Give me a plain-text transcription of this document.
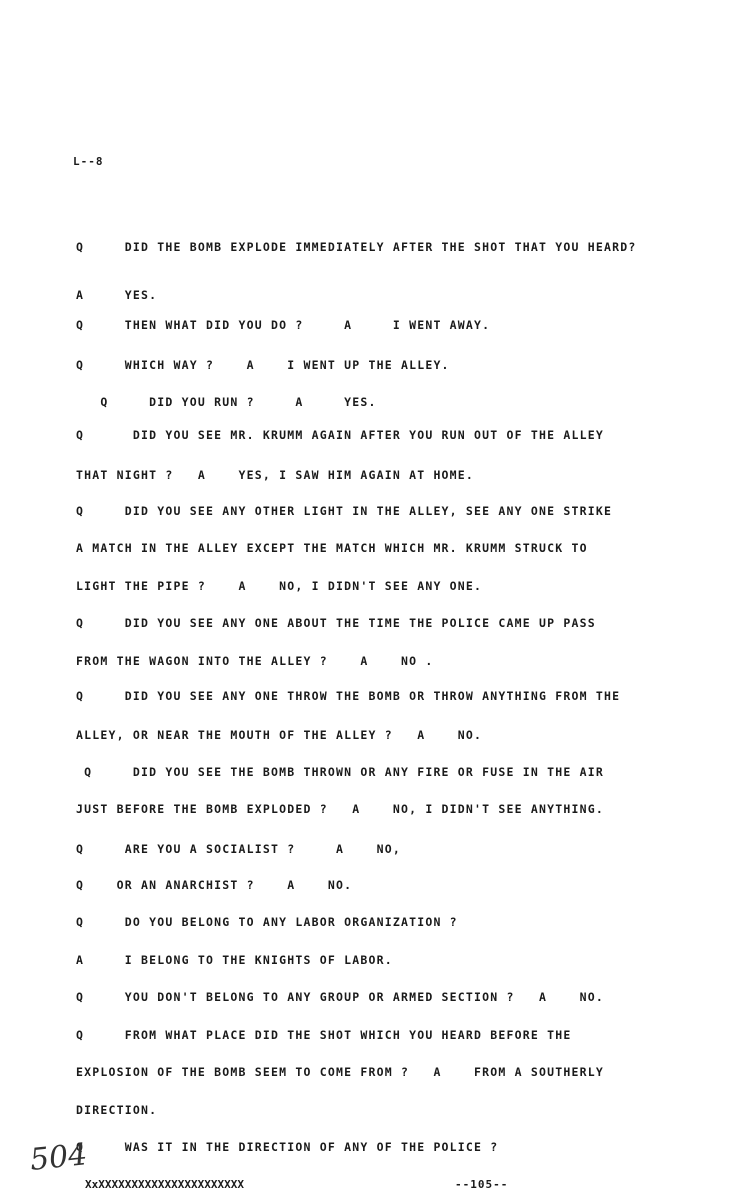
L--8
Q     DID THE BOMB EXPLODE IMMEDIATELY AFTER THE SHOT THAT YOU HEARD?
A     YES.
Q     THEN WHAT DID YOU DO ?     A     I WENT AWAY.
Q     WHICH WAY ?    A    I WENT UP THE ALLEY.
Q     DID YOU RUN ?     A     YES.
Q      DID YOU SEE MR. KRUMM AGAIN AFTER YOU RUN OUT OF THE ALLEY
THAT NIGHT ?   A    YES, I SAW HIM AGAIN AT HOME.
Q     DID YOU SEE ANY OTHER LIGHT IN THE ALLEY, SEE ANY ONE STRIKE
A MATCH IN THE ALLEY EXCEPT THE MATCH WHICH MR. KRUMM STRUCK TO
LIGHT THE PIPE ?    A    NO, I DIDN'T SEE ANY ONE.
Q     DID YOU SEE ANY ONE ABOUT THE TIME THE POLICE CAME UP PASS
FROM THE WAGON INTO THE ALLEY ?    A    NO .
Q     DID YOU SEE ANY ONE THROW THE BOMB OR THROW ANYTHING FROM THE
ALLEY, OR NEAR THE MOUTH OF THE ALLEY ?   A    NO.
Q     DID YOU SEE THE BOMB THROWN OR ANY FIRE OR FUSE IN THE AIR
JUST BEFORE THE BOMB EXPLODED ?   A    NO, I DIDN'T SEE ANYTHING.
Q     ARE YOU A SOCIALIST ?     A    NO,
Q    OR AN ANARCHIST ?    A    NO.
Q     DO YOU BELONG TO ANY LABOR ORGANIZATION ?
A     I BELONG TO THE KNIGHTS OF LABOR.
Q     YOU DON'T BELONG TO ANY GROUP OR ARMED SECTION ?   A    NO.
Q     FROM WHAT PLACE DID THE SHOT WHICH YOU HEARD BEFORE THE
EXPLOSION OF THE BOMB SEEM TO COME FROM ?   A    FROM A SOUTHERLY
DIRECTION.
Q     WAS IT IN THE DIRECTION OF ANY OF THE POLICE ?
504
XxXXXXXXXXXXXXXXXXXXXXXX	--105--
